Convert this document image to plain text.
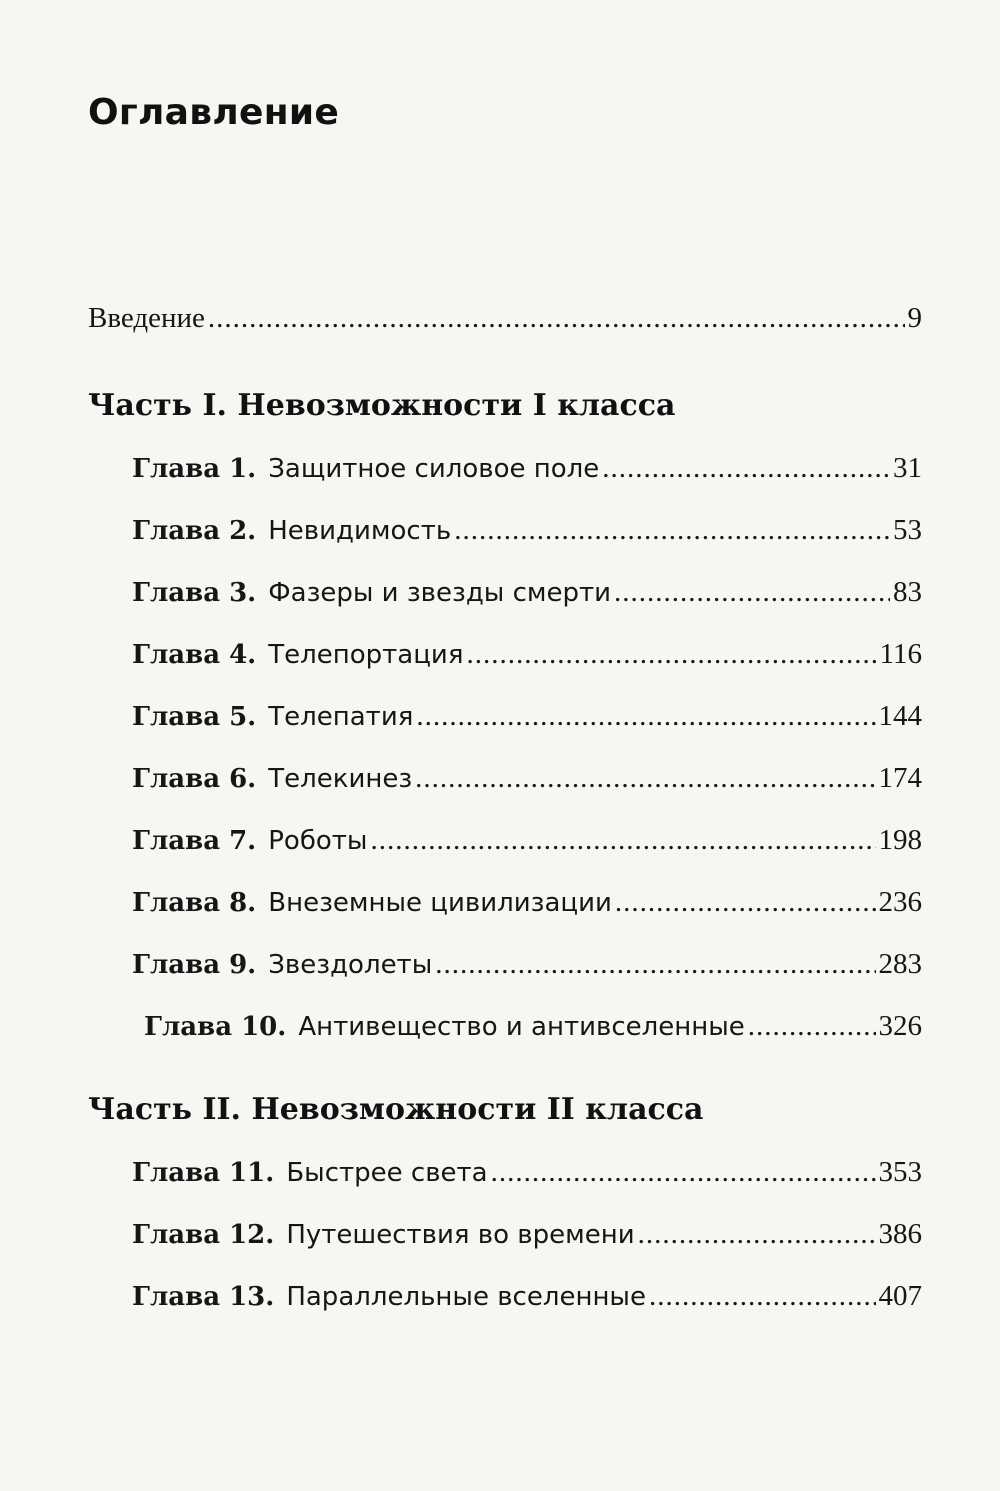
Оглавление
Введение .....	9
Часть I. Невозможности I класса
Глава 1. Защитное силовое поле .....	31
Глава 2. Невидимость .....	53
Глава 3. Фазеры и звезды смерти .....	83
Глава 4. Телепортация .....	116
Глава 5. Телепатия .....	144
Глава 6. Телекинез .....	174
Глава 7. Роботы .....	198
Глава 8. Внеземные цивилизации .....	236
Глава 9. Звездолеты .....	283
Глава 10. Антивещество и антивселенные .....	326
Часть II. Невозможности II класса
Глава 11. Быстрее света .....	353
Глава 12. Путешествия во времени .....	386
Глава 13. Параллельные вселенные .....	407
